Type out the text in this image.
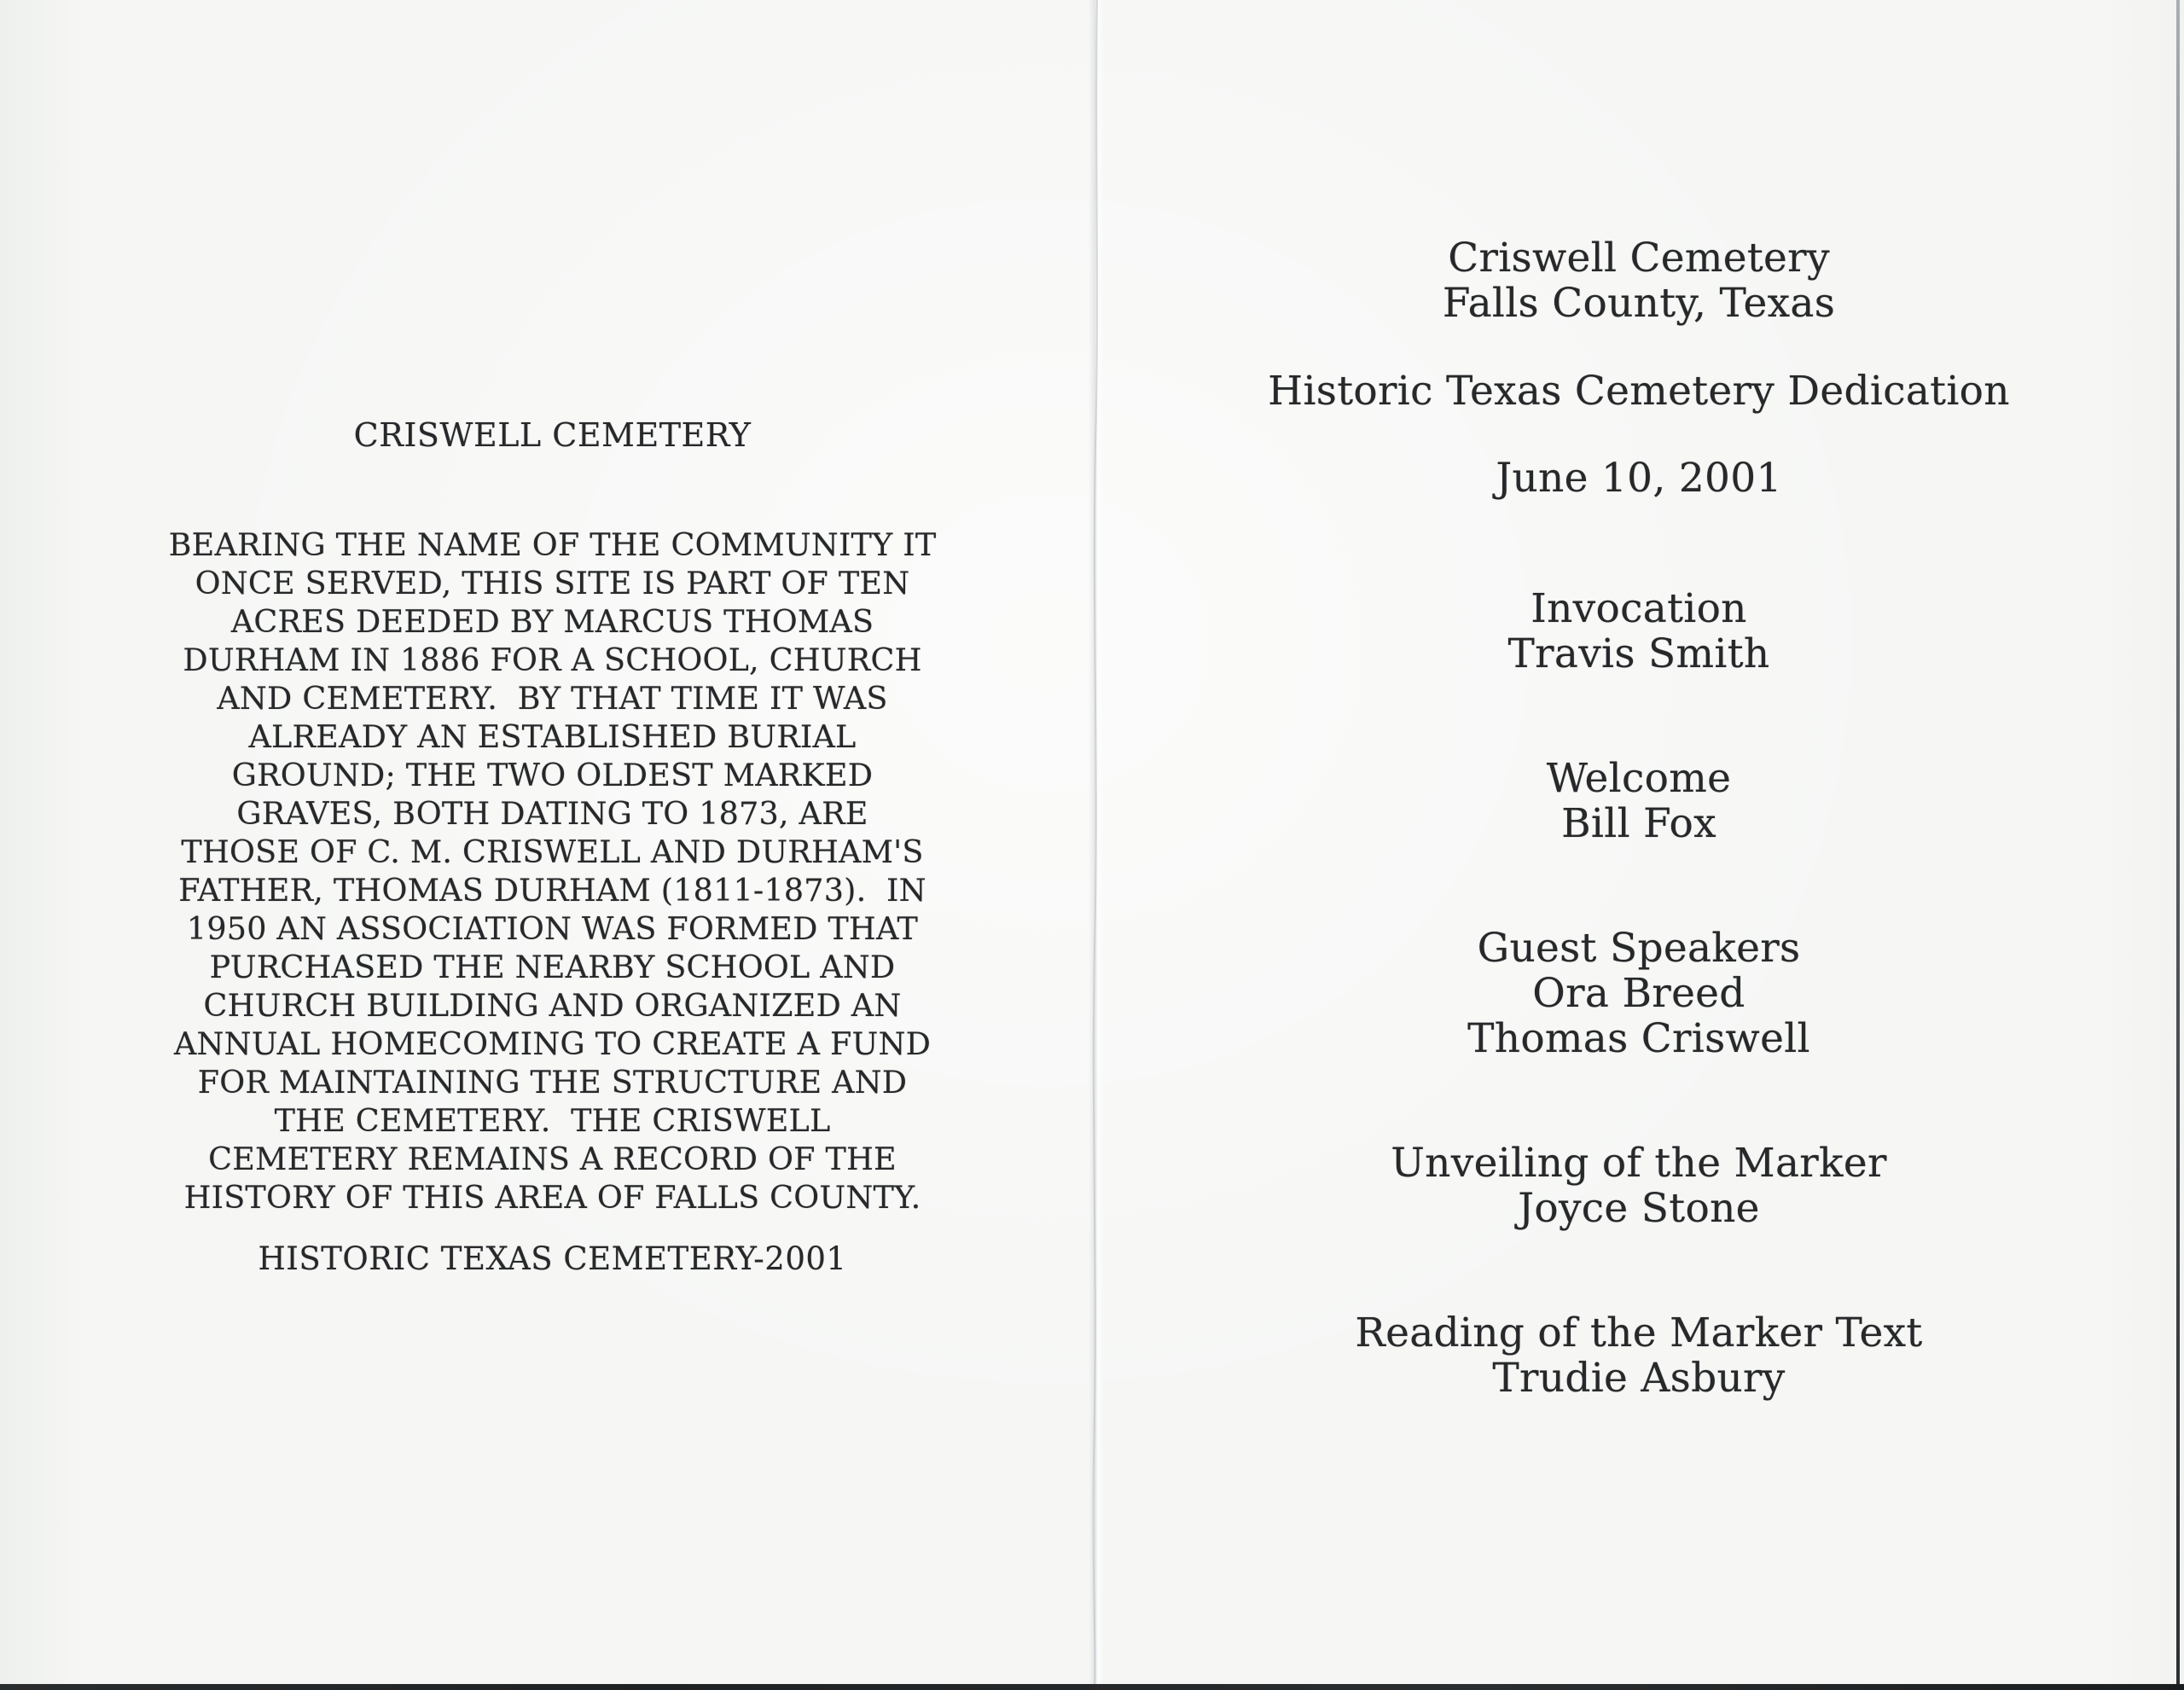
CRISWELL CEMETERY
BEARING THE NAME OF THE COMMUNITY IT
ONCE SERVED, THIS SITE IS PART OF TEN
ACRES DEEDED BY MARCUS THOMAS
DURHAM IN 1886 FOR A SCHOOL, CHURCH
AND CEMETERY.  BY THAT TIME IT WAS
ALREADY AN ESTABLISHED BURIAL
GROUND; THE TWO OLDEST MARKED
GRAVES, BOTH DATING TO 1873, ARE
THOSE OF C. M. CRISWELL AND DURHAM'S
FATHER, THOMAS DURHAM (1811-1873).  IN
1950 AN ASSOCIATION WAS FORMED THAT
PURCHASED THE NEARBY SCHOOL AND
CHURCH BUILDING AND ORGANIZED AN
ANNUAL HOMECOMING TO CREATE A FUND
FOR MAINTAINING THE STRUCTURE AND
THE CEMETERY.  THE CRISWELL
CEMETERY REMAINS A RECORD OF THE
HISTORY OF THIS AREA OF FALLS COUNTY.
HISTORIC TEXAS CEMETERY-2001
Criswell Cemetery
Falls County, Texas
Historic Texas Cemetery Dedication
June 10, 2001
Invocation
Travis Smith
Welcome
Bill Fox
Guest Speakers
Ora Breed
Thomas Criswell
Unveiling of the Marker
Joyce Stone
Reading of the Marker Text
Trudie Asbury
